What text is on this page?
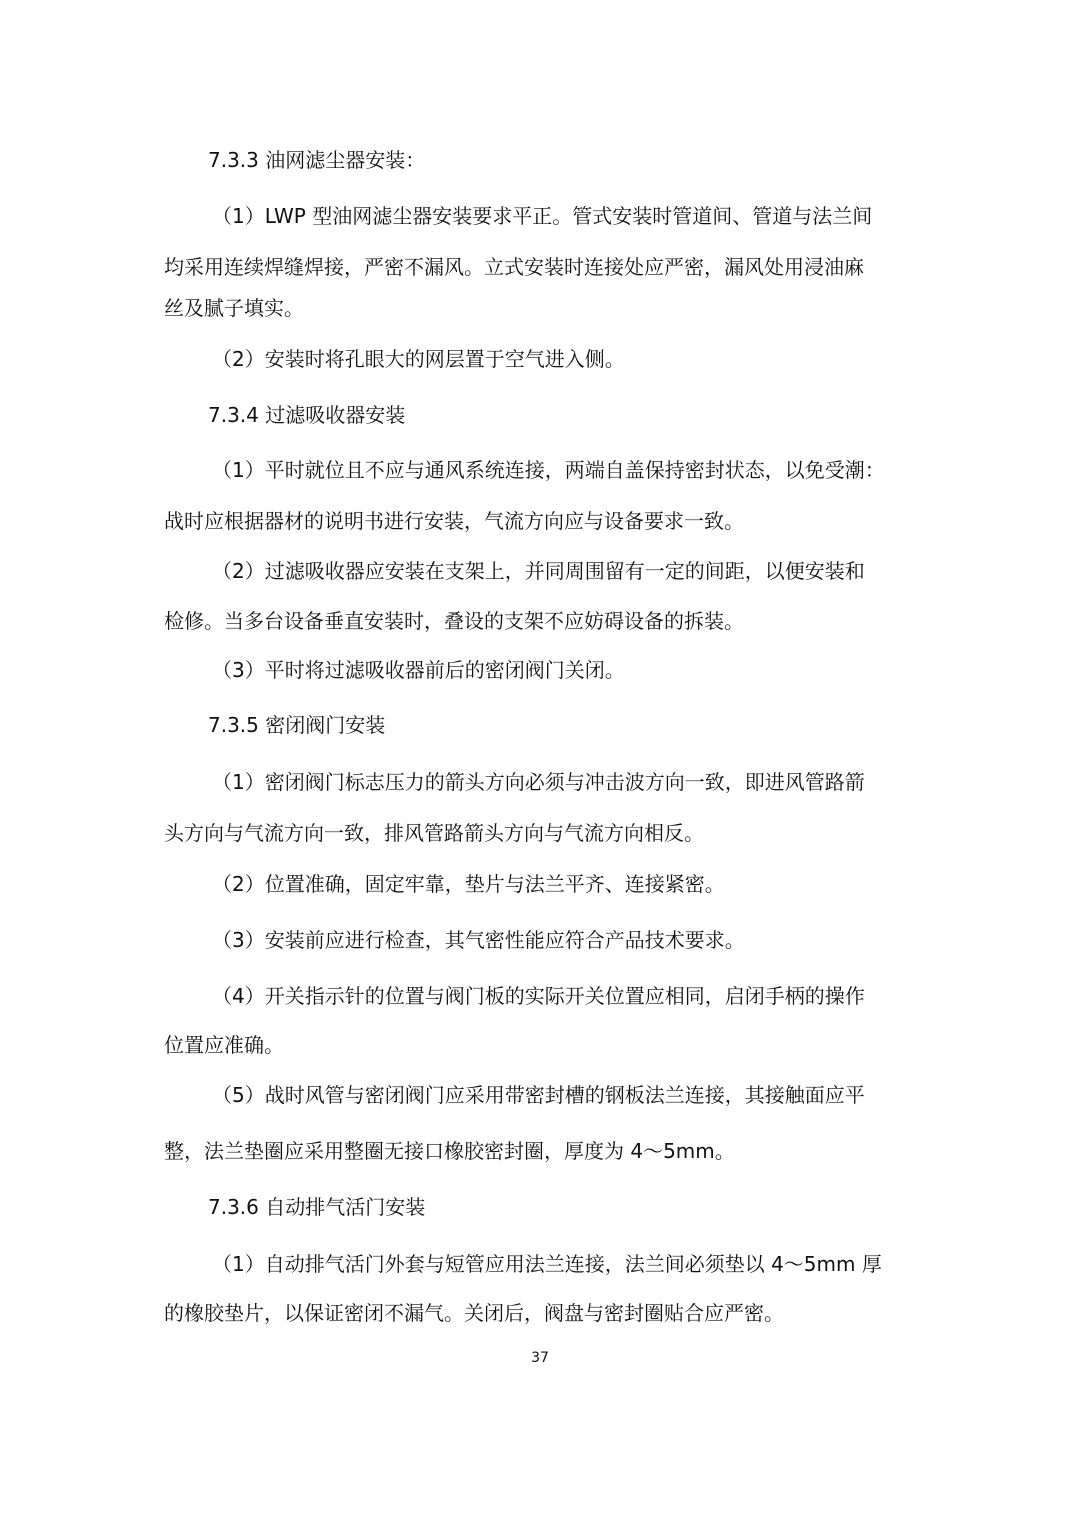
7.3.3 油网滤尘器安装：

（1）LWP 型油网滤尘器安装要求平正。管式安装时管道间、管道与法兰间

均采用连续焊缝焊接，严密不漏风。立式安装时连接处应严密，漏风处用浸油麻

丝及腻子填实。

（2）安装时将孔眼大的网层置于空气进入侧。

7.3.4 过滤吸收器安装

（1）平时就位且不应与通风系统连接，两端自盖保持密封状态，以免受潮：

战时应根据器材的说明书进行安装，气流方向应与设备要求一致。

（2）过滤吸收器应安装在支架上，并同周围留有一定的间距，以便安装和

检修。当多台设备垂直安装时，叠设的支架不应妨碍设备的拆装。

（3）平时将过滤吸收器前后的密闭阀门关闭。

7.3.5 密闭阀门安装

（1）密闭阀门标志压力的箭头方向必须与冲击波方向一致，即进风管路箭

头方向与气流方向一致，排风管路箭头方向与气流方向相反。

（2）位置准确，固定牢靠，垫片与法兰平齐、连接紧密。

（3）安装前应进行检查，其气密性能应符合产品技术要求。

（4）开关指示针的位置与阀门板的实际开关位置应相同，启闭手柄的操作

位置应准确。

（5）战时风管与密闭阀门应采用带密封槽的钢板法兰连接，其接触面应平

整，法兰垫圈应采用整圈无接口橡胶密封圈，厚度为 4～5mm。

7.3.6 自动排气活门安装

（1）自动排气活门外套与短管应用法兰连接，法兰间必须垫以 4～5mm 厚

的橡胶垫片，以保证密闭不漏气。关闭后，阀盘与密封圈贴合应严密。

37
